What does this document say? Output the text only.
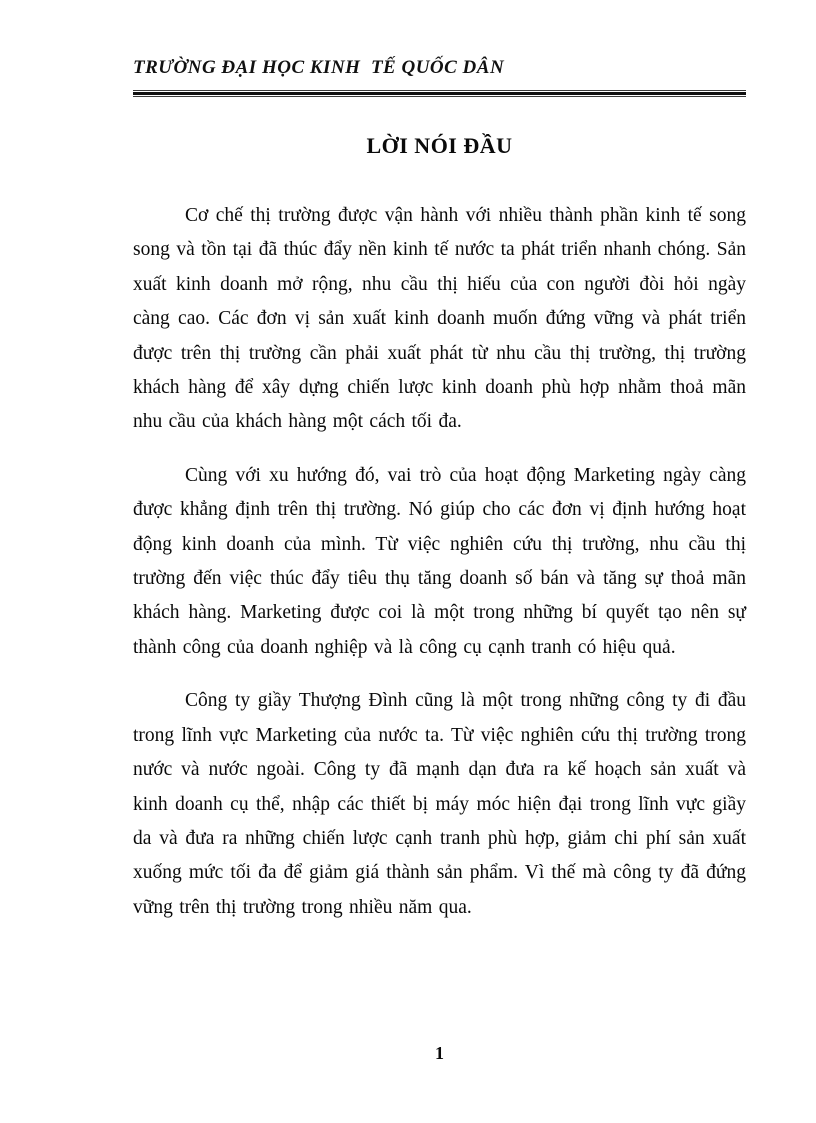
TRƯỜNG ĐẠI HỌC KINH  TẾ QUỐC DÂN
LỜI NÓI ĐẦU

Cơ chế thị trường được vận hành với nhiều thành phần kinh tế song song và tồn tại đã thúc đẩy nền kinh tế nước ta phát triển nhanh chóng. Sản xuất kinh doanh mở rộng, nhu cầu thị hiếu của con người đòi hỏi ngày càng cao. Các đơn vị sản xuất kinh doanh muốn đứng vững và phát triển được trên thị trường cần phải xuất phát từ nhu cầu thị trường, thị trường khách hàng để xây dựng chiến lược kinh doanh phù hợp nhằm thoả mãn nhu cầu của khách hàng một cách tối đa.

Cùng với xu hướng đó, vai trò của hoạt động Marketing ngày càng được khẳng định trên thị trường. Nó giúp cho các đơn vị định hướng hoạt động kinh doanh của mình. Từ việc nghiên cứu thị trường, nhu cầu thị trường đến việc thúc đẩy tiêu thụ tăng doanh số bán và tăng sự thoả mãn khách hàng. Marketing được coi là một trong những bí quyết tạo nên sự thành công của doanh nghiệp và là công cụ cạnh tranh có hiệu quả.

Công ty giầy Thượng Đình cũng là một trong những công ty đi đầu trong lĩnh vực Marketing của nước ta. Từ việc nghiên cứu thị trường trong nước và nước ngoài. Công ty đã mạnh dạn đưa ra kế hoạch sản xuất và kinh doanh cụ thể, nhập các thiết bị máy móc hiện đại trong lĩnh vực giầy da và đưa ra những chiến lược cạnh tranh phù hợp, giảm chi phí sản xuất xuống mức tối đa để giảm giá thành sản phẩm. Vì thế mà công ty đã đứng vững trên thị trường trong nhiều năm qua.

1
